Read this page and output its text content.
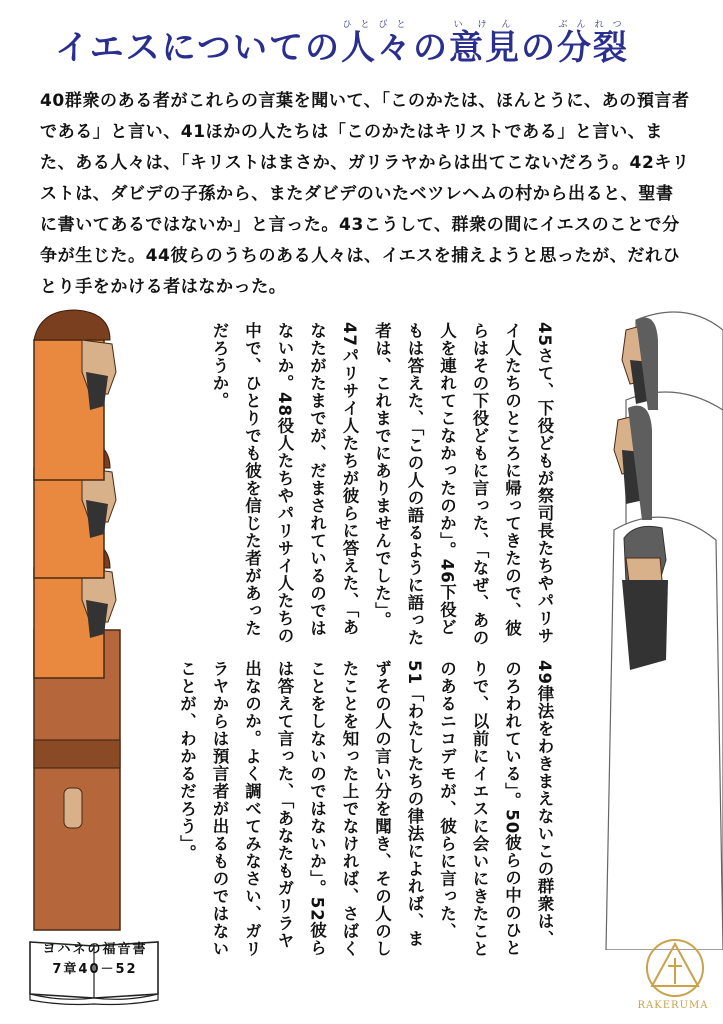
イエスについての人ひと々びとの意見いけんの分裂ぶんれつ

40群衆のある者がこれらの言葉を聞いて、「このかたは、ほんとうに、あの預言者である」と言い、41ほかの人たちは「このかたはキリストである」と言い、また、ある人々は、「キリストはまさか、ガリラヤからは出てこないだろう。42キリストは、ダビデの子孫から、またダビデのいたベツレヘムの村から出ると、聖書に書いてあるではないか」と言った。43こうして、群衆の間にイエスのことで分争が生じた。44彼らのうちのある人々は、イエスを捕えようと思ったが、だれひとり手をかける者はなかった。

45さて、下役どもが祭司長たちやパリサイ人たちのところに帰ってきたので、彼らはその下役どもに言った、「なぜ、あの人を連れてこなかったのか」。46下役どもは答えた、「この人の語るように語った者は、これまでにありませんでした」。47パリサイ人たちが彼らに答えた、「あなたがたまでが、だまされているのではないか。48役人たちやパリサイ人たちの中で、ひとりでも彼を信じた者があっただろうか。

49律法をわきまえないこの群衆は、のろわれている」。50彼らの中のひとりで、以前にイエスに会いにきたことのあるニコデモが、彼らに言った、51「わたしたちの律法によれば、まずその人の言い分を聞き、その人のしたことを知った上でなければ、さばくことをしないのではないか」。52彼らは答えて言った、「あなたもガリラヤ出なのか。よく調べてみなさい、ガリラヤからは預言者が出るものではないことが、わかるだろう」。

ヨハネの福音書
7章40－52
RAKERUMA
